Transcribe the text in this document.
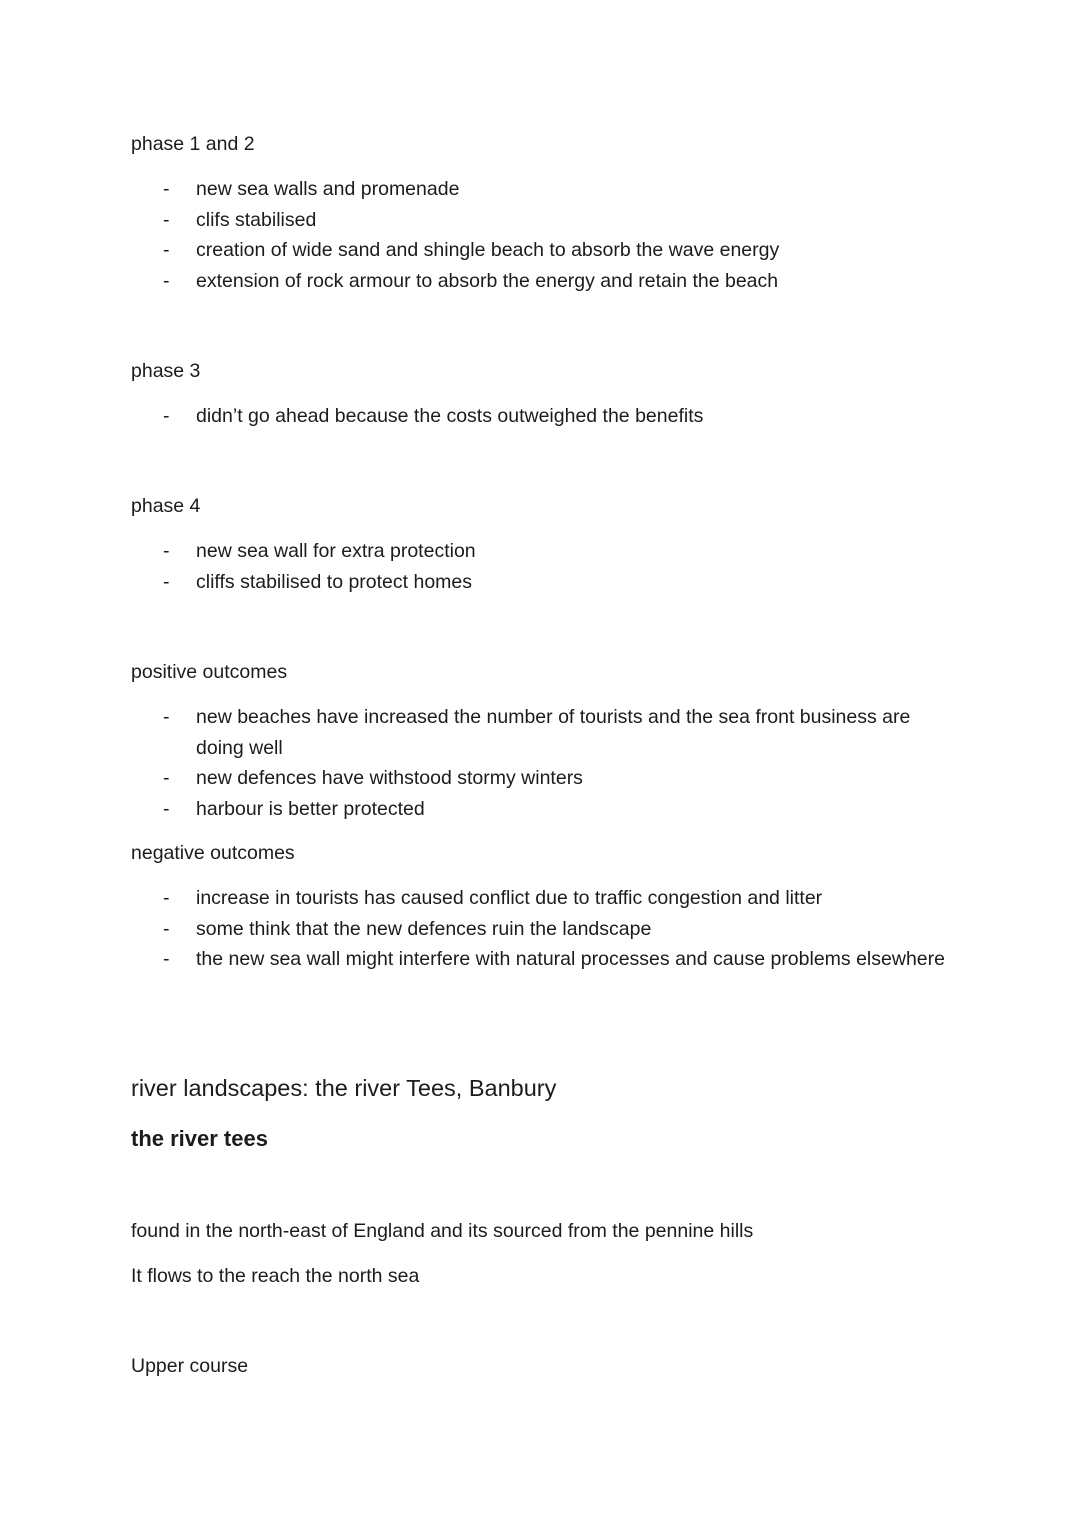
phase 1 and 2

- new sea walls and promenade
- clifs stabilised
- creation of wide sand and shingle beach to absorb the wave energy
- extension of rock armour to absorb the energy and retain the beach

phase 3

- didn’t go ahead because the costs outweighed the benefits

phase 4

- new sea wall for extra protection
- cliffs stabilised to protect homes

positive outcomes

- new beaches have increased the number of tourists and the sea front business are doing well
- new defences have withstood stormy winters
- harbour is better protected

negative outcomes

- increase in tourists has caused conflict due to traffic congestion and litter
- some think that the new defences ruin the landscape
- the new sea wall might interfere with natural processes and cause problems elsewhere
river landscapes: the river Tees, Banbury
the river tees

found in the north-east of England and its sourced from the pennine hills

It flows to the reach the north sea

Upper course
